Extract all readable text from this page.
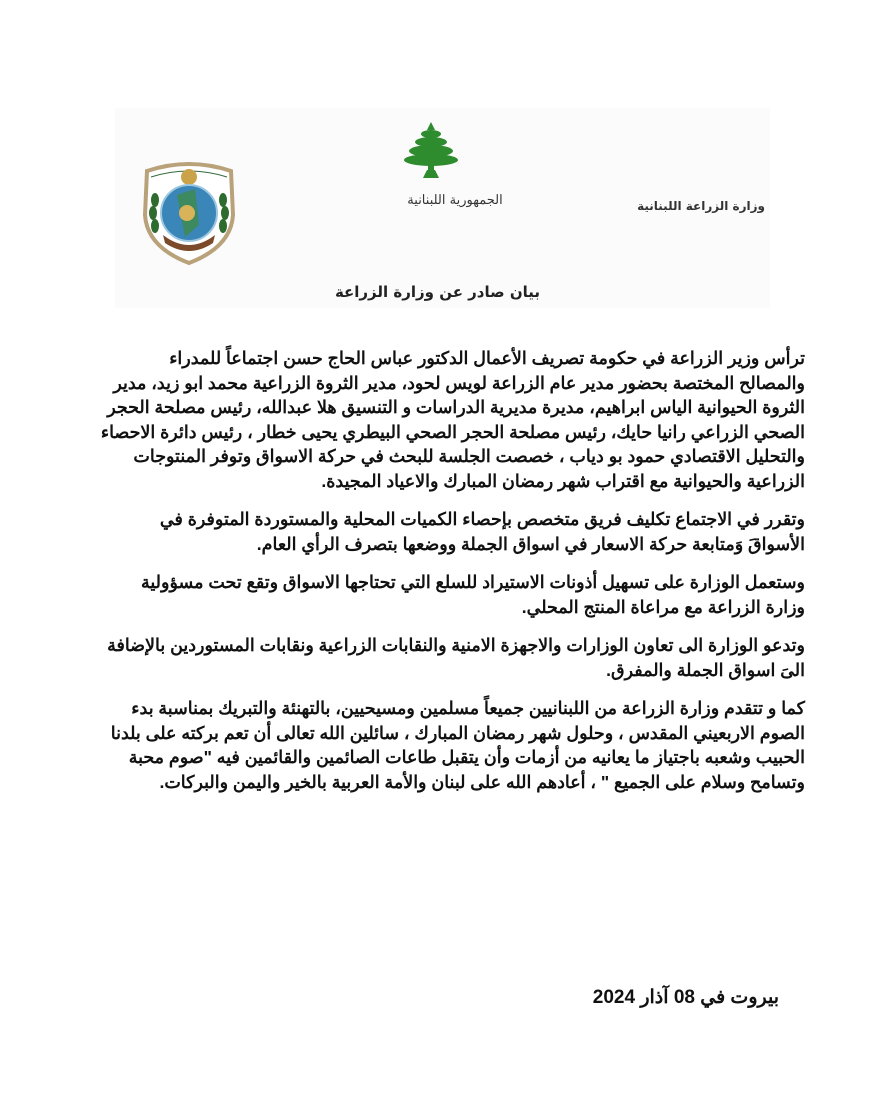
الجمهورية اللبنانية	وزارة الزراعة اللبنانية
بيان صادر عن وزارة الزراعة

ترأس وزير الزراعة في حكومة تصريف الأعمال الدكتور عباس الحاج حسن اجتماعاً للمدراء والمصالح المختصة بحضور مدير عام الزراعة لويس لحود، مدير الثروة الزراعية محمد ابو زيد، مدير الثروة الحيوانية الياس ابراهيم، مديرة مديرية الدراسات و التنسيق هلا عبدالله، رئيس مصلحة الحجر الصحي الزراعي رانيا حايك، رئيس مصلحة الحجر الصحي البيطري يحيى خطار ، رئيس دائرة الاحصاء والتحليل الاقتصادي حمود بو دياب ، خصصت الجلسة للبحث في حركة الاسواق وتوفر المنتوجات الزراعية والحيوانية مع اقتراب شهر رمضان المبارك والاعياد المجيدة.

وتقرر في الاجتماع تكليف فريق متخصص بإحصاء الكميات المحلية والمستوردة المتوفرة في الأسواقَ وَمتابعة حركة الاسعار في اسواق الجملة ووضعها بتصرف الرأي العام.

وستعمل الوزارة على تسهيل أذونات الاستيراد للسلع التي تحتاجها الاسواق وتقع تحت مسؤولية وزارة الزراعة مع مراعاة المنتج المحلي.

وتدعو الوزارة الى تعاون الوزارات والاجهزة الامنية والنقابات الزراعية ونقابات المستوردين بالإضافة الىَ اسواق الجملة والمفرق.

كما و تتقدم وزارة الزراعة من اللبنانيين جميعاً مسلمين ومسيحيين، بالتهنئة والتبريك بمناسبة بدء الصوم الاربعيني المقدس ، وحلول شهر رمضان المبارك ، سائلين الله تعالى أن تعم بركته على بلدنا الحبيب وشعبه باجتياز ما يعانيه من أزمات وأن يتقبل طاعات الصائمين والقائمين فيه "صوم محبة وتسامح وسلام على الجميع " ، أعادهم الله على لبنان والأمة العربية بالخير واليمن والبركات.

بيروت في 08 آذار 2024
